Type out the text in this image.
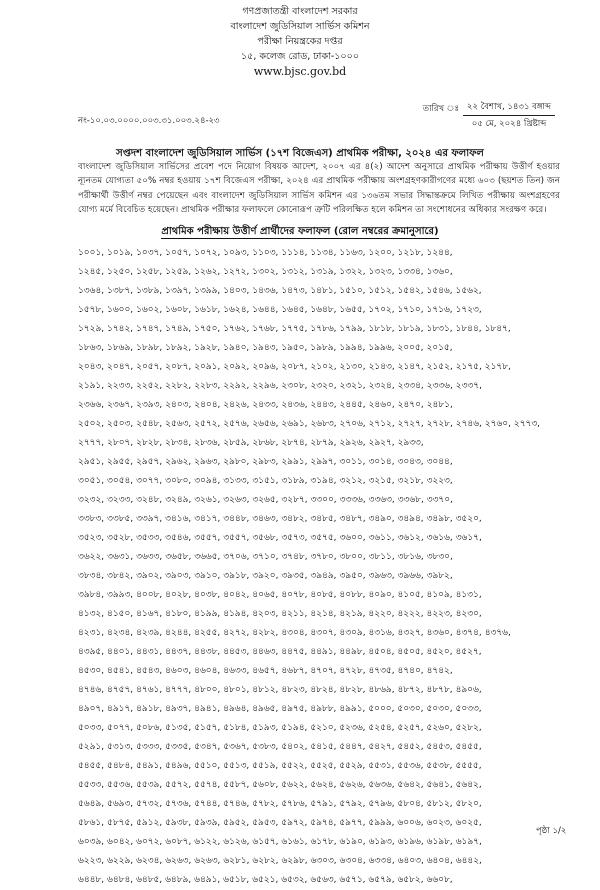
গণপ্রজাতন্ত্রী বাংলাদেশ সরকার
বাংলাদেশ জুডিসিয়াল সার্ভিস কমিশন
পরীক্ষা নিয়ন্ত্রকের দপ্তর
১৫, কলেজ রোড, ঢাকা-১০০০
www.bjsc.gov.bd
তারিখ ঃ ২২ বৈশাখ, ১৪৩১ বঙ্গাব্দ
০৫ মে, ২০২৪ খ্রিষ্টাব্দ
নং-১০.০৩.০০০০.০০৩.৩১.০০৩.২৪-২৩
সপ্তদশ বাংলাদেশ জুডিসিয়াল সার্ভিস (১৭শ বিজেএস) প্রাথমিক পরীক্ষা, ২০২৪ এর ফলাফল
বাংলাদেশ জুডিসিয়াল সার্ভিসের প্রবেশ পদে নিয়োগ বিষয়ক আদেশ, ২০০৭ এর ৪(২) আদেশ অনুসারে প্রাথমিক পরীক্ষায় উত্তীর্ণ হওয়ার ন্যূনতম যোগ্যতা ৫০% নম্বর হওয়ায় ১৭শ বিজেএস পরীক্ষা, ২০২৪ এর প্রাথমিক পরীক্ষায় অংশগ্রহণকারীগণের মধ্যে ৬০৩ (ছয়শত তিন) জন পরীক্ষার্থী উত্তীর্ণ নম্বর পেয়েছেন এবং বাংলাদেশ জুডিসিয়াল সার্ভিস কমিশন এর ১৩৬তম সভার সিদ্ধান্তক্রমে লিখিত পরীক্ষায় অংশগ্রহণের যোগ্য মর্মে বিবেচিত হয়েছেন। প্রাথমিক পরীক্ষার ফলাফলে কোনোরূপ ত্রুটি পরিলক্ষিত হলে কমিশন তা সংশোধনের অধিকার সংরক্ষণ করে।
প্রাথমিক পরীক্ষায় উত্তীর্ণ প্রার্থীদের ফলাফল (রোল নম্বরের ক্রমানুসারে)
১০০১, ১০১৯, ১০৩৭, ১০৫৭, ১০৭২, ১০৯৩, ১১০৩, ১১১৪, ১১৩৪, ১১৬৩, ১২০০, ১২১৮, ১২৪৪,
১২৪৫, ১২৫০, ১২৫৮, ১২৫৯, ১২৬২, ১২৭২, ১৩০২, ১৩১২, ১৩১৯, ১৩২২, ১৩২৩, ১৩৩৪, ১৩৬০,
১৩৬৪, ১৩৮৭, ১৩৮৯, ১৩৯৭, ১৩৯৯, ১৪০৩, ১৪৩৬, ১৪৭৩, ১৪৮১, ১৫১০, ১৫১২, ১৫৪২, ১৫৪৬, ১৫৬২,
১৫৭৮, ১৬০০, ১৬০২, ১৬০৮, ১৬১৮, ১৬২৪, ১৬৪৪, ১৬৪৫, ১৬৪৮, ১৬৫৫, ১৭০২, ১৭১০, ১৭১৬, ১৭২৩,
১৭২৯, ১৭৪২, ১৭৪৭, ১৭৪৯, ১৭৫০, ১৭৬২, ১৭৬৮, ১৭৭৫, ১৭৮৬, ১৭৯৯, ১৮১৮, ১৮১৯, ১৮৩১, ১৮৪৪, ১৮৪৭,
১৮৬৩, ১৮৬৯, ১৮৯৮, ১৮৯২, ১৯২৮, ১৯৪০, ১৯৪৩, ১৯৫০, ১৯৮৯, ১৯৯৪, ১৯৯৬, ২০০৫, ২০১৫,
২০৪৩, ২০৪৭, ২০৫৭, ২০৮৭, ২০৯১, ২০৯২, ২০৯৬, ২০৮৭, ২১০২, ২১৩০, ২১৪৩, ২১৪৭, ২১৫২, ২১৭৫, ২১৭৮,
২১৯১, ২২৩৩, ২২৫২, ২২৮২, ২২৮৩, ২২৯২, ২২৯৬, ২৩০৮, ২৩২০, ২৩২১, ২৩২৪, ২৩৩৪, ২৩৩৬, ২৩৩৭,
২৩৬৬, ২৩৬৭, ২৩৯৩, ২৪০৩, ২৪০৪, ২৪২৬, ২৪৩৩, ২৪৩৬, ২৪৪৩, ২৪৪৫, ২৪৬০, ২৪৭০, ২৪৮১,
২৫০২, ২৫০৩, ২৫৪৮, ২৫৬৩, ২৫৭২, ২৫৭৬, ২৬৫৬, ২৬৯১, ২৬৮৩, ২৭০৬, ২৭১২, ২৭২৭, ২৭২৮, ২৭৪৬, ২৭৬০, ২৭৭৩,
২৭৭৭, ২৮০৭, ২৮২৮, ২৮৩৪, ২৮৩৬, ২৮৫৯, ২৮৬৮, ২৮৭৪, ২৮৭৯, ২৯২৬, ২৯২৭, ২৯৩৩,
২৯৫১, ২৯৫৫, ২৯৫৭, ২৯৬২, ২৯৬৩, ২৯৮০, ২৯৮৩, ২৯৯১, ২৯৯৭, ৩০১১, ৩০১৪, ৩০৪৩, ৩০৪৪,
৩০৫১, ৩০৫৪, ৩০৭৭, ৩০৮০, ৩০৯৪, ৩১৩৩, ৩১৫১, ৩১৮৯, ৩১৯৪, ৩২১২, ৩২১৫, ৩২১৮, ৩২২৩,
৩২৩২, ৩২৩৩, ৩২৪৮, ৩২৪৯, ৩২৬১, ৩২৬৩, ৩২৬৫, ৩২৮৭, ৩৩০০, ৩৩৩৬, ৩৩৬৩, ৩৩৬৮, ৩৩৭০,
৩৩৮৩, ৩৩৮৫, ৩৩৯৭, ৩৪১৬, ৩৪১৭, ৩৪৪৮, ৩৪৬৩, ৩৪৮২, ৩৪৮৫, ৩৪৮৭, ৩৪৯০, ৩৪৯৪, ৩৪৯৮, ৩৫২০,
৩৫২৩, ৩৫২৮, ৩৫৩৩, ৩৫৪৬, ৩৫৫৭, ৩৫৫৭, ৩৫৬৮, ৩৫৭৩, ৩৫৭৫, ৩৬০০, ৩৬১১, ৩৬১২, ৩৬১৬, ৩৬১৭,
৩৬২২, ৩৬৩১, ৩৬৩৩, ৩৬৫৮, ৩৬৬৫, ৩৭০৬, ৩৭১০, ৩৭৪৮, ৩৭৮০, ৩৮০০, ৩৮১১, ৩৮১৬, ৩৮৩০,
৩৮৩৪, ৩৮৪২, ৩৯০২, ৩৯০৩, ৩৯১০, ৩৯১৮, ৩৯২০, ৩৯৩৫, ৩৯৪৯, ৩৯৫০, ৩৯৬৩, ৩৯৬৬, ৩৯৮২,
৩৯৮৪, ৩৯৯৩, ৪০০৮, ৪০২৮, ৪০৩৮, ৪০৪২, ৪০৬৫, ৪০৭৮, ৪০৮৫, ৪০৮৮, ৪০৯০, ৪১০৫, ৪১০৯, ৪১৩১,
৪১৩২, ৪১৫০, ৪১৬৭, ৪১৮০, ৪১৯৯, ৪১৯৪, ৪২০৩, ৪২১১, ৪২১৪, ৪২১৯, ৪২২০, ৪২২২, ৪২২৩, ৪২৩০,
৪২৩১, ৪২৩৪, ৪২৩৯, ৪২৪৪, ৪২৫৫, ৪২৭২, ৪২৮২, ৪৩০৪, ৪৩০৭, ৪৩০৯, ৪৩১৬, ৪৩২৭, ৪৩৬০, ৪৩৭৪, ৪৩৭৬,
৪৩৯৫, ৪৪০১, ৪৪৩১, ৪৪৩৭, ৪৪৩৮, ৪৪৫৩, ৪৪৬৩, ৪৪৭৫, ৪৪৯১, ৪৪৯৮, ৪৫০৪, ৪৫০৫, ৪৫২০, ৪৫২৭,
৪৫৩০, ৪৫৪১, ৪৫৪৩, ৪৬০৩, ৪৬০৪, ৪৬৩৩, ৪৬৫৭, ৪৬৮৭, ৪৭০৭, ৪৭২৮, ৪৭৩৫, ৪৭৪০, ৪৭৪২,
৪৭৪৬, ৪৭৫৭, ৪৭৬১, ৪৭৭৭, ৪৮০০, ৪৮০১, ৪৮১২, ৪৮২৩, ৪৮২৪, ৪৮২৮, ৪৮৬৯, ৪৮৭২, ৪৮৭৮, ৪৯০৬,
৪৯০৭, ৪৯১৭, ৪৯১৮, ৪৯৩৭, ৪৯৪১, ৪৯৬৪, ৪৯৬৫, ৪৯৭৫, ৪৯৮৮, ৪৯৯১, ৫০০০, ৫০৩০, ৫০৩০, ৫০৩৩,
৫০৩৩, ৫০৭৭, ৫০৮৬, ৫১৩৫, ৫১৫৭, ৫১৮৪, ৫১৯৩, ৫১৯৪, ৫২১০, ৫২৩৬, ৫২৫৪, ৫২৫৭, ৫২৬০, ৫২৮২,
৫২৯১, ৫৩১৩, ৫৩৩৩, ৫৩৩৫, ৫৩৪৭, ৫৩৬৭, ৫৩৮৩, ৫৪০২, ৫৪১৫, ৫৪৪৭, ৫৪২৭, ৫৪৫২, ৫৪৫৩, ৫৪৫৫,
৫৪৫৫, ৫৪৮৪, ৫৪৯১, ৫৪৯৬, ৫৫১০, ৫৫১৩, ৫৫১৯, ৫৫২২, ৫৫২৫, ৫৫২৯, ৫৫৩১, ৫৫৩৬, ৫৫৩৮, ৫৫৫৫,
৫৫৩৩, ৫৫৩৬, ৫৫৩৯, ৫৫৭২, ৫৫৭৪, ৫৫৮৭, ৫৬০৮, ৫৬২২, ৫৬২৪, ৫৬২৬, ৫৬৩৬, ৫৬৪২, ৫৬৪১, ৫৬৪২,
৫৬৪৯, ৫৬৯৩, ৫৭৩২, ৫৭৩৬, ৫৭৪৪, ৫৭৪৬, ৫৭৮২, ৫৭৮৬, ৫৭৯১, ৫৭৯২, ৫৭৯৬, ৫৮০৪, ৫৮১২, ৫৮২০,
৫৮৬১, ৫৮৭৫, ৫৯১২, ৫৯৩৮, ৫৯৩৯, ৫৯৫২, ৫৯৫৩, ৫৯৭২, ৫৯৭৪, ৫৯৭৭, ৫৯৯৯, ৬০০৬, ৬০২৩, ৬০২৫,
৬০৩৯, ৬০৪২, ৬০৭২, ৬০৮৭, ৬১২২, ৬১২৬, ৬১৫৭, ৬১৬১, ৬১৭৮, ৬১৯০, ৬১৯৩, ৬১৯৬, ৬১৯৮, ৬১৯৭,
৬২২৩, ৬২২৯, ৬২৩৪, ৬২৬৩, ৬২৬৩, ৬২৮১, ৬২৮২, ৬২৯৮, ৬৩০৩, ৬৩০৪, ৬৩৩৪, ৬৪০৩, ৬৪০৪, ৬৪৪২,
৬৪৪৮, ৬৪৮৪, ৬৪৮৫, ৬৪৮৯, ৬৪৯১, ৬৫১৮, ৬৫২১, ৬৫৩২, ৬৫৬৩, ৬৫৭১, ৬৫৭৯, ৬৫৮২, ৬৬০৮,
পৃষ্ঠা ১/২
